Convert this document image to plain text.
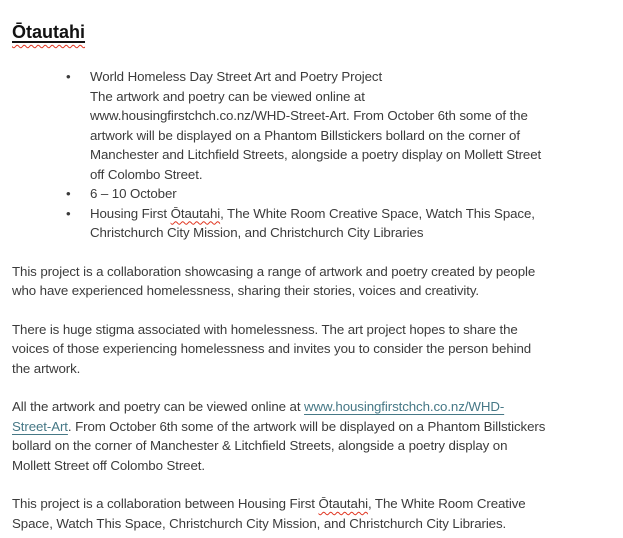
Ōtautahi
• World Homeless Day Street Art and Poetry Project
The artwork and poetry can be viewed online at
www.housingfirstchch.co.nz/WHD-Street-Art. From October 6th some of the
artwork will be displayed on a Phantom Billstickers bollard on the corner of
Manchester and Litchfield Streets, alongside a poetry display on Mollett Street
off Colombo Street.
• 6 – 10 October
• Housing First Ōtautahi, The White Room Creative Space, Watch This Space,
Christchurch City Mission, and Christchurch City Libraries
This project is a collaboration showcasing a range of artwork and poetry created by people
who have experienced homelessness, sharing their stories, voices and creativity.
There is huge stigma associated with homelessness. The art project hopes to share the
voices of those experiencing homelessness and invites you to consider the person behind
the artwork.
All the artwork and poetry can be viewed online at www.housingfirstchch.co.nz/WHD-
Street-Art. From October 6th some of the artwork will be displayed on a Phantom Billstickers
bollard on the corner of Manchester & Litchfield Streets, alongside a poetry display on
Mollett Street off Colombo Street.
This project is a collaboration between Housing First Ōtautahi, The White Room Creative
Space, Watch This Space, Christchurch City Mission, and Christchurch City Libraries.
